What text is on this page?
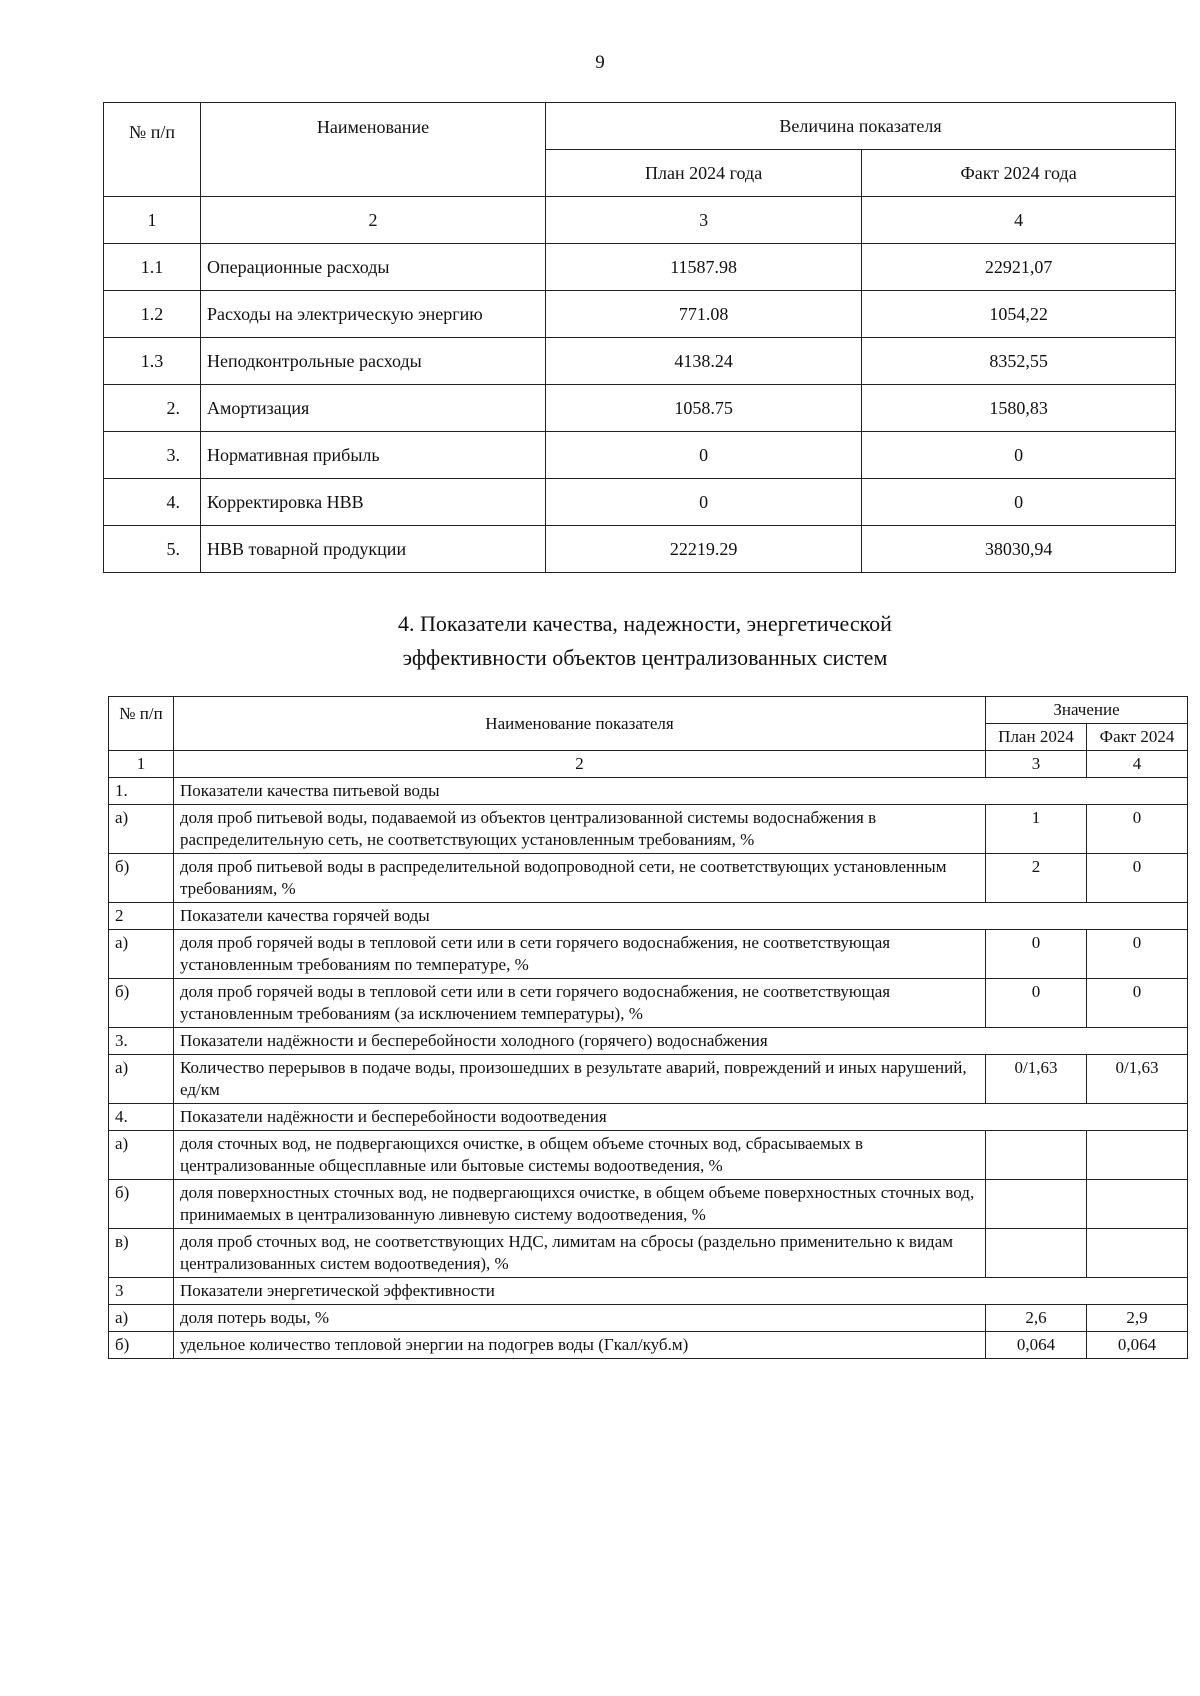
9
№ п/п	Наименование	Величина показателя	
		План 2024 года	Факт 2024 года
1	2	3	4
1.1	Операционные расходы	11587.98	22921,07
1.2	Расходы на электрическую энергию	771.08	1054,22
1.3	Неподконтрольные расходы	4138.24	8352,55
2.	Амортизация	1058.75	1580,83
3.	Нормативная прибыль	0	0
4.	Корректировка НВВ	0	0
5.	НВВ товарной продукции	22219.29	38030,94
4. Показатели качества, надежности, энергетической
эффективности объектов централизованных систем
№ п/п	Наименование показателя	Значение	
		План 2024	Факт 2024
1	2	3	4
1.	Показатели качества питьевой воды		
а)	доля проб питьевой воды, подаваемой из объектов централизованной системы водоснабжения в распределительную сеть, не соответствующих установленным требованиям, %	1	0
б)	доля проб питьевой воды в распределительной водопроводной сети, не соответствующих установленным требованиям, %	2	0
2	Показатели качества горячей воды		
а)	доля проб горячей воды в тепловой сети или в сети горячего водоснабжения, не соответствующая установленным требованиям по температуре, %	0	0
б)	доля проб горячей воды в тепловой сети или в сети горячего водоснабжения, не соответствующая установленным требованиям (за исключением температуры), %	0	0
3.	Показатели надёжности и бесперебойности холодного (горячего) водоснабжения		
а)	Количество перерывов в подаче воды, произошедших в результате аварий, повреждений и иных нарушений, ед/км	0/1,63	0/1,63
4.	Показатели надёжности и бесперебойности водоотведения		
а)	доля сточных вод, не подвергающихся очистке, в общем объеме сточных вод, сбрасываемых в централизованные общесплавные или бытовые системы водоотведения, %		
б)	доля поверхностных сточных вод, не подвергающихся очистке, в общем объеме поверхностных сточных вод, принимаемых в централизованную ливневую систему водоотведения, %		
в)	доля проб сточных вод, не соответствующих НДС, лимитам на сбросы (раздельно применительно к видам централизованных систем водоотведения), %		
3	Показатели энергетической эффективности		
а)	доля потерь воды, %	2,6	2,9
б)	удельное количество тепловой энергии на подогрев воды (Гкал/куб.м)	0,064	0,064
